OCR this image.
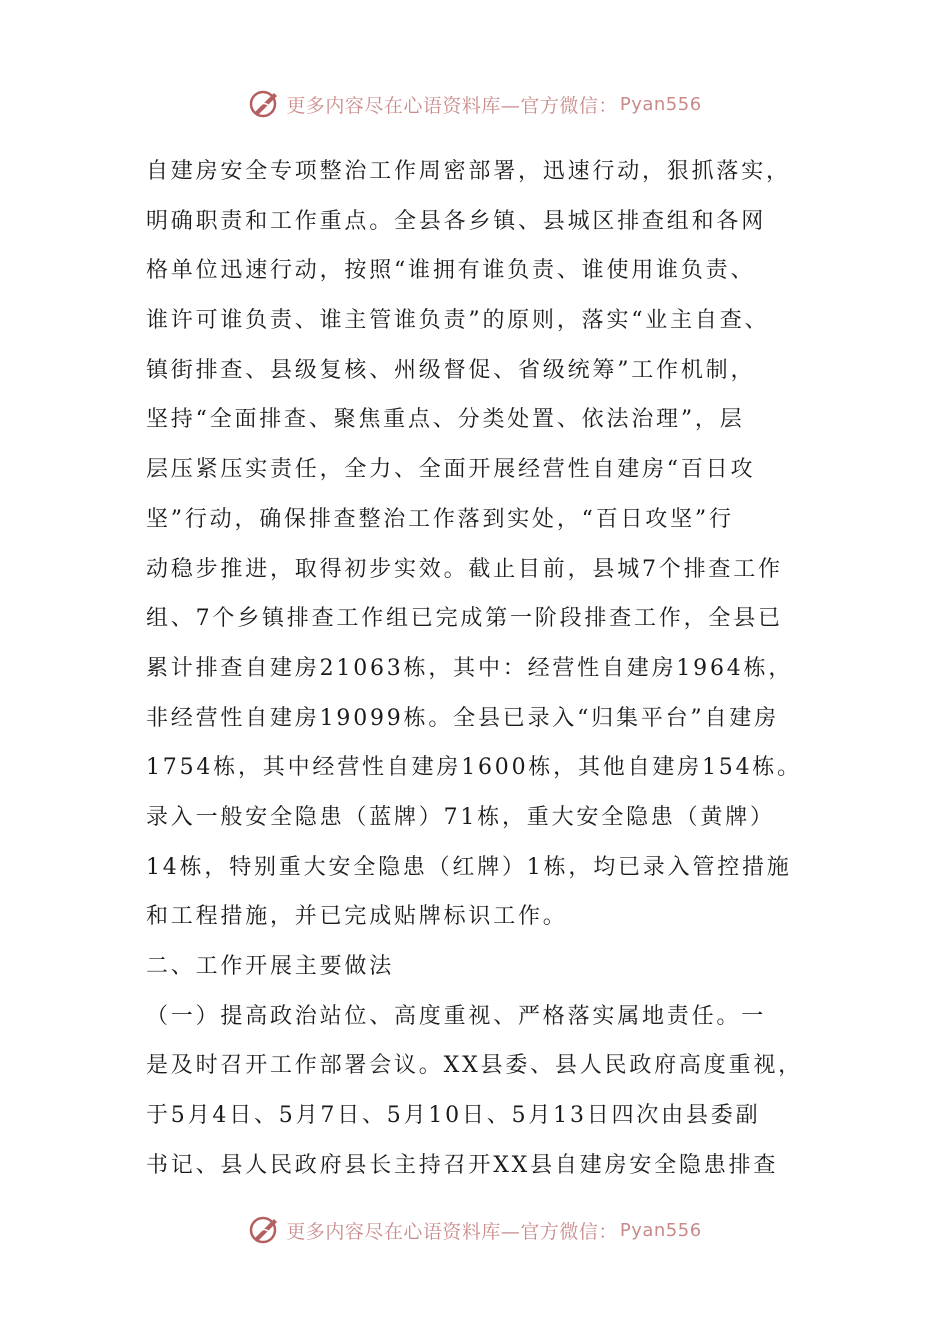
更多内容尽在心语资料库—官方微信： Pyan556
自建房安全专项整治工作周密部署，迅速行动，狠抓落实，
明确职责和工作重点。全县各乡镇、县城区排查组和各网
格单位迅速行动，按照“谁拥有谁负责、谁使用谁负责、
谁许可谁负责、谁主管谁负责”的原则，落实“业主自查、
镇街排查、县级复核、州级督促、省级统筹”工作机制，
坚持“全面排查、聚焦重点、分类处置、依法治理”，层
层压紧压实责任，全力、全面开展经营性自建房“百日攻
坚”行动，确保排查整治工作落到实处，“百日攻坚”行
动稳步推进，取得初步实效。截止目前，县城7个排查工作
组、7个乡镇排查工作组已完成第一阶段排查工作，全县已
累计排查自建房21063栋，其中：经营性自建房1964栋，
非经营性自建房19099栋。全县已录入“归集平台”自建房
1754栋，其中经营性自建房1600栋，其他自建房154栋。
录入一般安全隐患（蓝牌）71栋，重大安全隐患（黄牌）
14栋，特别重大安全隐患（红牌）1栋，均已录入管控措施
和工程措施，并已完成贴牌标识工作。
二、工作开展主要做法
（一）提高政治站位、高度重视、严格落实属地责任。一
是及时召开工作部署会议。XX县委、县人民政府高度重视，
于5月4日、5月7日、5月10日、5月13日四次由县委副
书记、县人民政府县长主持召开XX县自建房安全隐患排查
更多内容尽在心语资料库—官方微信： Pyan556
